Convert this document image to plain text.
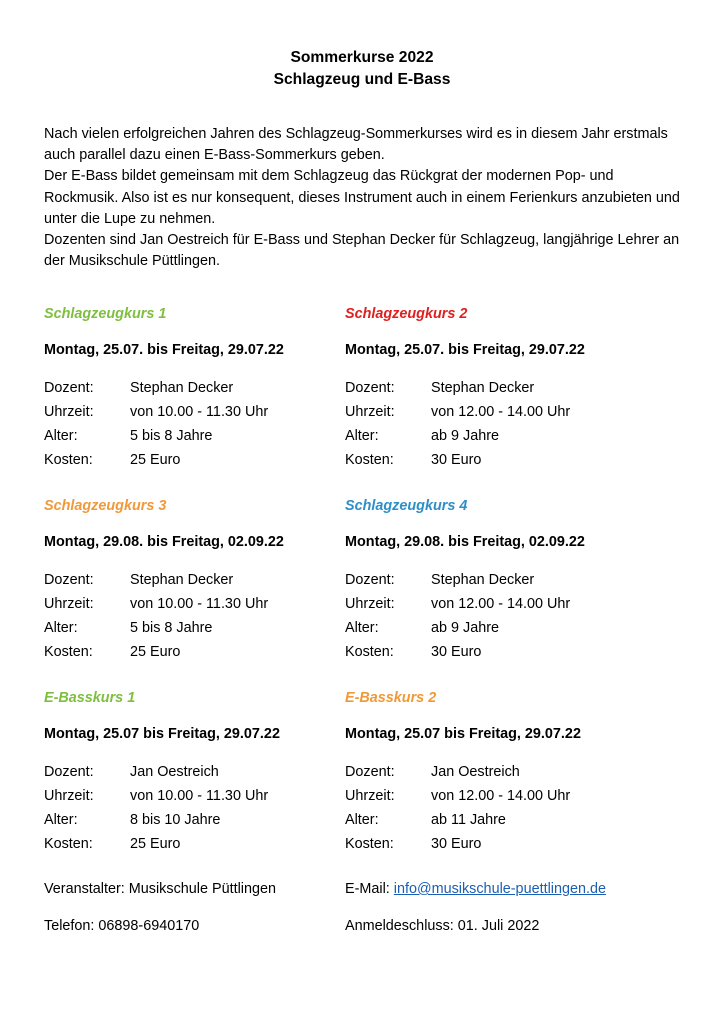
Sommerkurse 2022
Schlagzeug und E-Bass

Nach vielen erfolgreichen Jahren des Schlagzeug-Sommerkurses wird es in diesem Jahr erstmals auch parallel dazu einen E-Bass-Sommerkurs geben.

Der E-Bass bildet gemeinsam mit dem Schlagzeug das Rückgrat der modernen Pop- und Rockmusik. Also ist es nur konsequent, dieses Instrument auch in einem Ferienkurs anzubieten und unter die Lupe zu nehmen.

Dozenten sind Jan Oestreich für E-Bass und Stephan Decker für Schlagzeug, langjährige Lehrer an der Musikschule Püttlingen.

Schlagzeugkurs 1
Montag, 25.07. bis Freitag, 29.07.22
Dozent:	Stephan Decker
Uhrzeit:	von 10.00 - 11.30 Uhr
Alter:	5 bis 8 Jahre
Kosten:	25 Euro
Schlagzeugkurs 2
Montag, 25.07. bis Freitag, 29.07.22
Dozent:	Stephan Decker
Uhrzeit:	von 12.00 - 14.00 Uhr
Alter:	ab 9 Jahre
Kosten:	30 Euro
Schlagzeugkurs 3
Montag, 29.08. bis Freitag, 02.09.22
Dozent:	Stephan Decker
Uhrzeit:	von 10.00 - 11.30 Uhr
Alter:	5 bis 8 Jahre
Kosten:	25 Euro
Schlagzeugkurs 4
Montag, 29.08. bis Freitag, 02.09.22
Dozent:	Stephan Decker
Uhrzeit:	von 12.00 - 14.00 Uhr
Alter:	ab 9 Jahre
Kosten:	30 Euro
E-Basskurs 1
Montag, 25.07 bis Freitag, 29.07.22
Dozent:	Jan Oestreich
Uhrzeit:	von 10.00 - 11.30 Uhr
Alter:	8 bis 10 Jahre
Kosten:	25 Euro
E-Basskurs 2
Montag, 25.07 bis Freitag, 29.07.22
Dozent:	Jan Oestreich
Uhrzeit:	von 12.00 - 14.00 Uhr
Alter:	ab 11 Jahre
Kosten:	30 Euro
Veranstalter: Musikschule Püttlingen	E-Mail: info@musikschule-puettlingen.de
Telefon: 06898-6940170	Anmeldeschluss: 01. Juli 2022
